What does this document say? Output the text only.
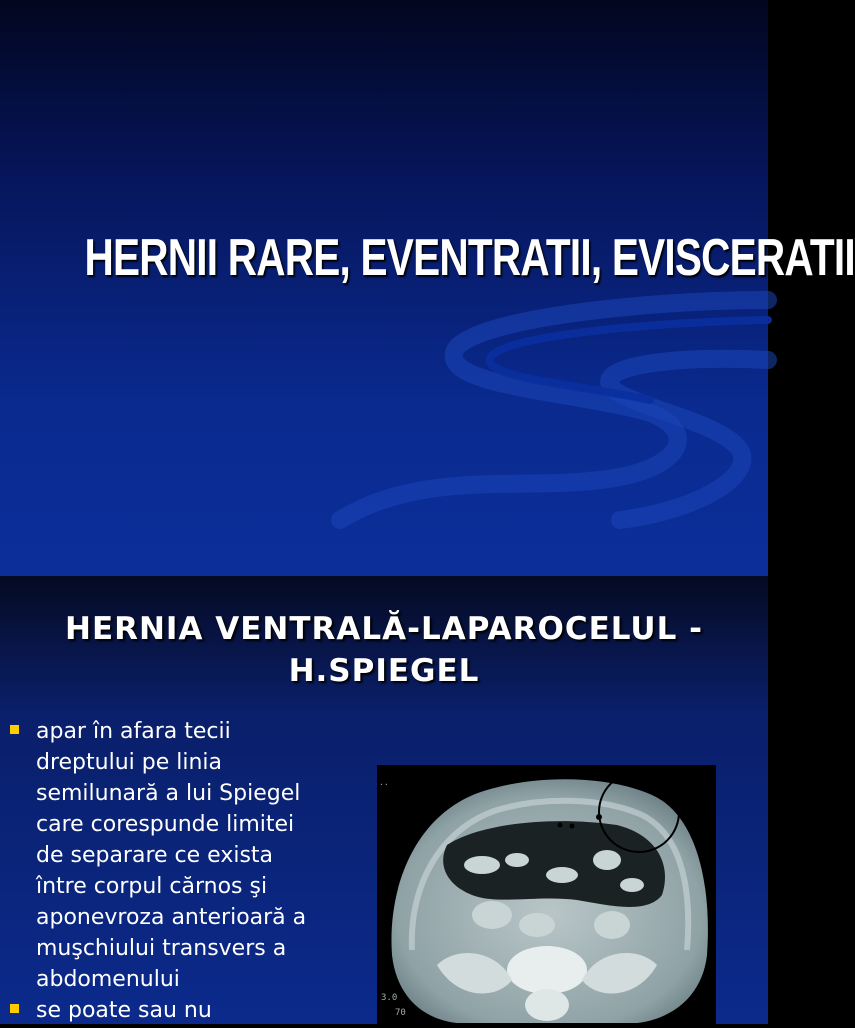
HERNII RARE, EVENTRATII, EVISCERATII
HERNIA VENTRALĂ-LAPAROCELUL -
H.SPIEGEL
apar în afara tecii
dreptului pe linia
semilunară a lui Spiegel
care corespunde limitei
de separare ce exista
între corpul cărnos şi
aponevroza anterioară a
muşchiului transvers a
abdomenului
se poate sau nu
..
3.0
70
